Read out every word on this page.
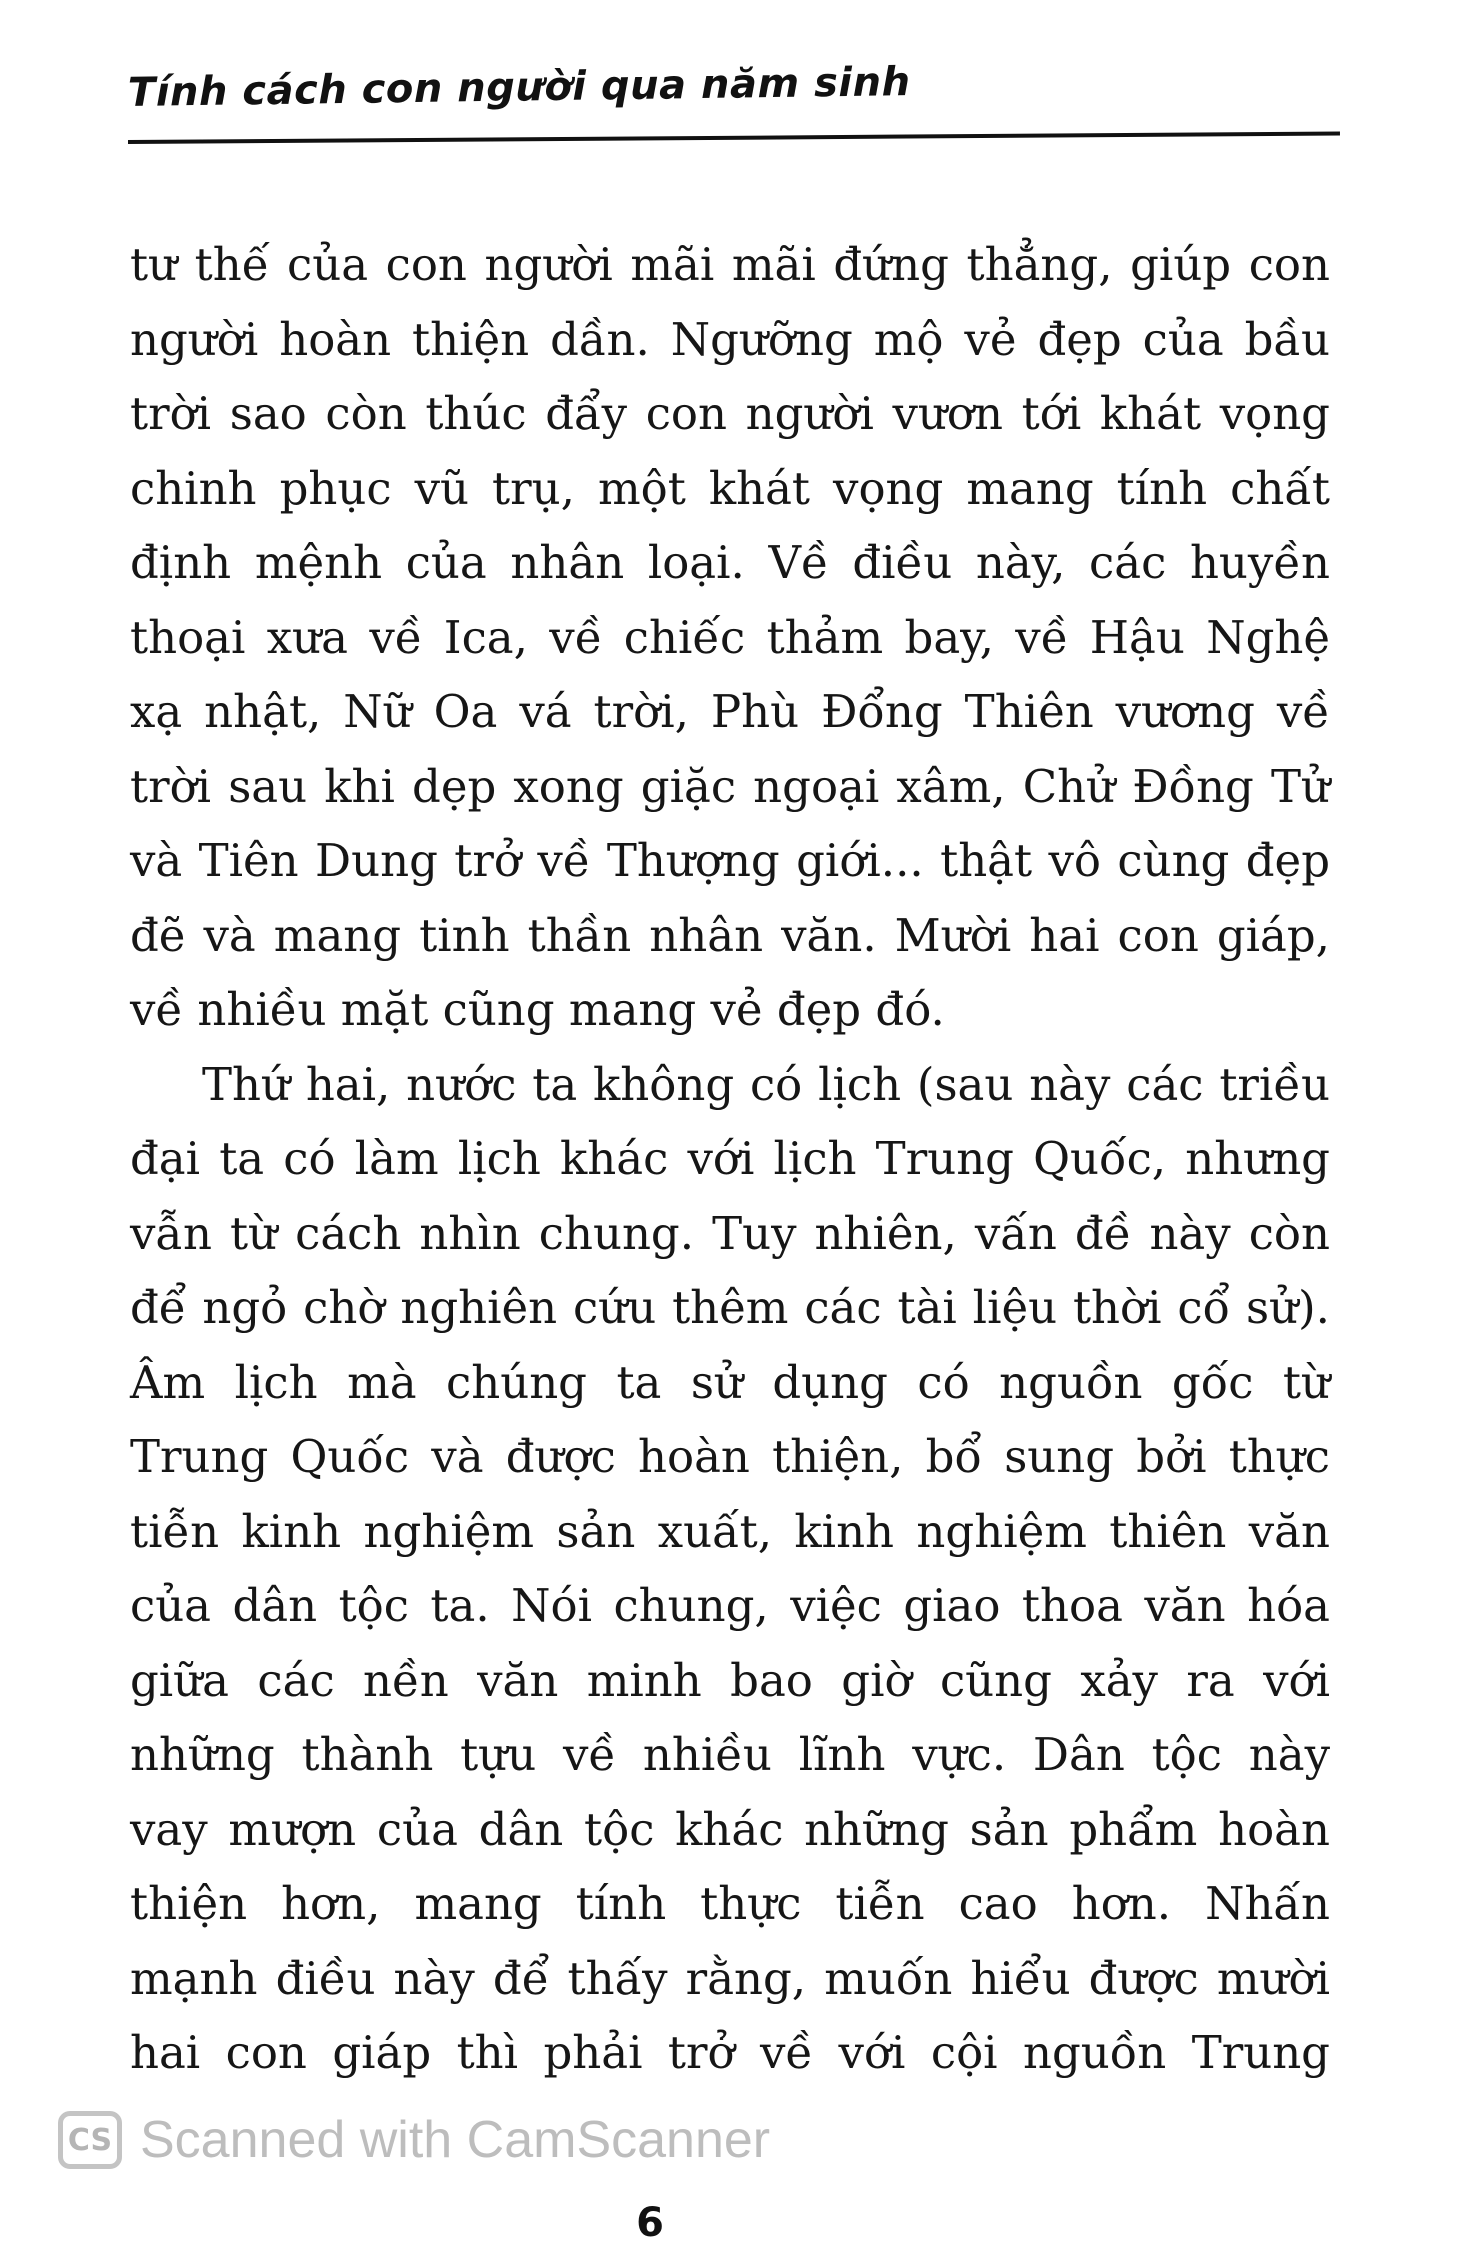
Tính cách con người qua năm sinh
tư thế của con người mãi mãi đứng thẳng, giúp con
người hoàn thiện dần. Ngưỡng mộ vẻ đẹp của bầu
trời sao còn thúc đẩy con người vươn tới khát vọng
chinh phục vũ trụ, một khát vọng mang tính chất
định mệnh của nhân loại. Về điều này, các huyền
thoại xưa về Ica, về chiếc thảm bay, về Hậu Nghệ
xạ nhật, Nữ Oa vá trời, Phù Đổng Thiên vương về
trời sau khi dẹp xong giặc ngoại xâm, Chử Đồng Tử
và Tiên Dung trở về Thượng giới... thật vô cùng đẹp
đẽ và mang tinh thần nhân văn. Mười hai con giáp,
về nhiều mặt cũng mang vẻ đẹp đó.
Thứ hai, nước ta không có lịch (sau này các triều
đại ta có làm lịch khác với lịch Trung Quốc, nhưng
vẫn từ cách nhìn chung. Tuy nhiên, vấn đề này còn
để ngỏ chờ nghiên cứu thêm các tài liệu thời cổ sử).
Âm lịch mà chúng ta sử dụng có nguồn gốc từ
Trung Quốc và được hoàn thiện, bổ sung bởi thực
tiễn kinh nghiệm sản xuất, kinh nghiệm thiên văn
của dân tộc ta. Nói chung, việc giao thoa văn hóa
giữa các nền văn minh bao giờ cũng xảy ra với
những thành tựu về nhiều lĩnh vực. Dân tộc này
vay mượn của dân tộc khác những sản phẩm hoàn
thiện hơn, mang tính thực tiễn cao hơn. Nhấn
mạnh điều này để thấy rằng, muốn hiểu được mười
hai con giáp thì phải trở về với cội nguồn Trung
CS Scanned with CamScanner
6
